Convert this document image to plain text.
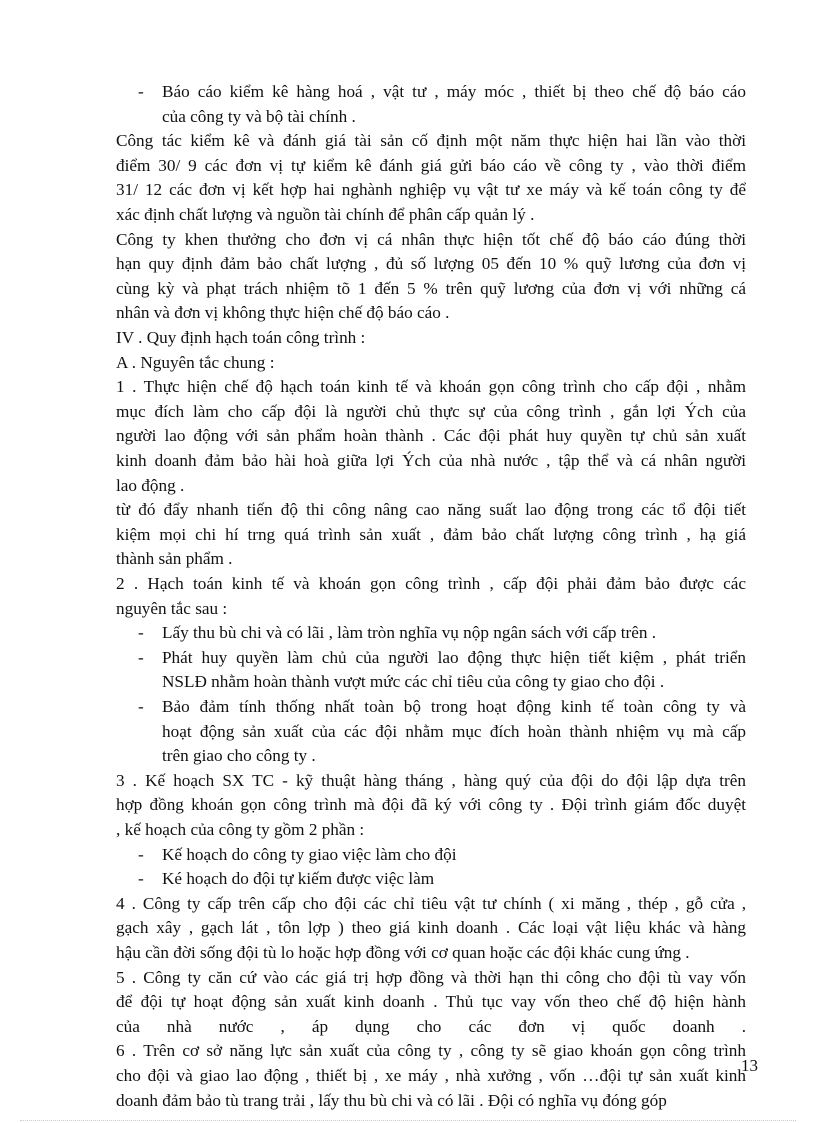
- Báo cáo kiểm kê hàng hoá , vật tư , máy móc , thiết bị theo chế độ báo cáo
của công ty và bộ tài chính .
Công tác kiểm kê và đánh giá tài sản cố định một năm thực hiện hai lần vào thời
điểm 30/ 9 các đơn vị tự kiểm kê đánh giá gửi báo cáo về công ty , vào thời điểm
31/ 12 các đơn vị kết hợp hai nghành nghiệp vụ vật tư xe máy và kế toán công ty để
xác định chất lượng và nguồn tài chính để phân cấp quản lý .
Công ty khen thưởng cho đơn vị cá nhân thực hiện tốt chế độ báo cáo đúng thời
hạn quy định đảm bảo chất lượng , đủ số lượng 05 đến 10 % quỹ lương của đơn vị
cùng kỳ và phạt trách nhiệm tõ 1 đến 5 % trên quỹ lương của đơn vị với những cá
nhân và đơn vị không thực hiện chế độ báo cáo .
IV . Quy định hạch toán công trình :
A . Nguyên tắc chung :
1 . Thực hiện chế độ hạch toán kinh tế và khoán gọn công trình cho cấp đội , nhằm
mục đích làm cho cấp đội là người chủ thực sự của công trình , gắn lợi Ých của
người lao động với sản phẩm hoàn thành . Các đội phát huy quyền tự chủ sản xuất
kinh doanh đảm bảo hài hoà giữa lợi Ých của nhà nước , tập thể và cá nhân người
lao động .
từ đó đẩy nhanh tiến độ thi công nâng cao năng suất lao động trong các tổ đội tiết
kiệm mọi chi hí trng quá trình sản xuất , đảm bảo chất lượng công trình , hạ giá
thành sản phẩm .
2 . Hạch toán kinh tế và khoán gọn công trình , cấp đội phải đảm bảo được các
nguyên tắc sau :
- Lấy thu bù chi và có lãi , làm tròn nghĩa vụ nộp ngân sách với cấp trên .
- Phát huy quyền làm chủ của người lao động thực hiện tiết kiệm , phát triển
NSLĐ nhằm hoàn thành vượt mức các chỉ tiêu của công ty giao cho đội .
- Bảo đảm tính thống nhất toàn bộ trong hoạt động kinh tế toàn công ty và
hoạt động sản xuất của các đội nhằm mục đích hoàn thành nhiệm vụ mà cấp
trên giao cho công ty .
3 . Kế hoạch SX TC - kỹ thuật hàng tháng , hàng quý của đội do đội lập dựa trên
hợp đồng khoán gọn công trình mà đội đã ký với công ty . Đội trình giám đốc duyệt
, kế hoạch của công ty gồm 2 phần :
- Kế hoạch do công ty giao việc làm cho đội
- Ké hoạch do đội tự kiếm được việc làm
4 . Công ty cấp trên cấp cho đội các chỉ tiêu vật tư chính ( xi măng , thép , gỗ cửa ,
gạch xây , gạch lát , tôn lợp ) theo giá kinh doanh . Các loại vật liệu khác và hàng
hậu cần đời sống đội tù lo hoặc hợp đồng với cơ quan hoặc các đội khác cung ứng .
5 . Công ty căn cứ vào các giá trị hợp đồng và thời hạn thi công cho đội tù vay vốn
để đội tự hoạt động sản xuất kinh doanh . Thủ tục vay vốn theo chế độ hiện hành
của nhà nước , áp dụng cho các đơn vị quốc doanh .
6 . Trên cơ sở năng lực sản xuất của công ty , công ty sẽ giao khoán gọn công trình
cho đội và giao lao động , thiết bị , xe máy , nhà xưởng , vốn …đội tự sản xuất kinh
doanh đảm bảo tù trang trải , lấy thu bù chi và có lãi . Đội có nghĩa vụ đóng góp
13
